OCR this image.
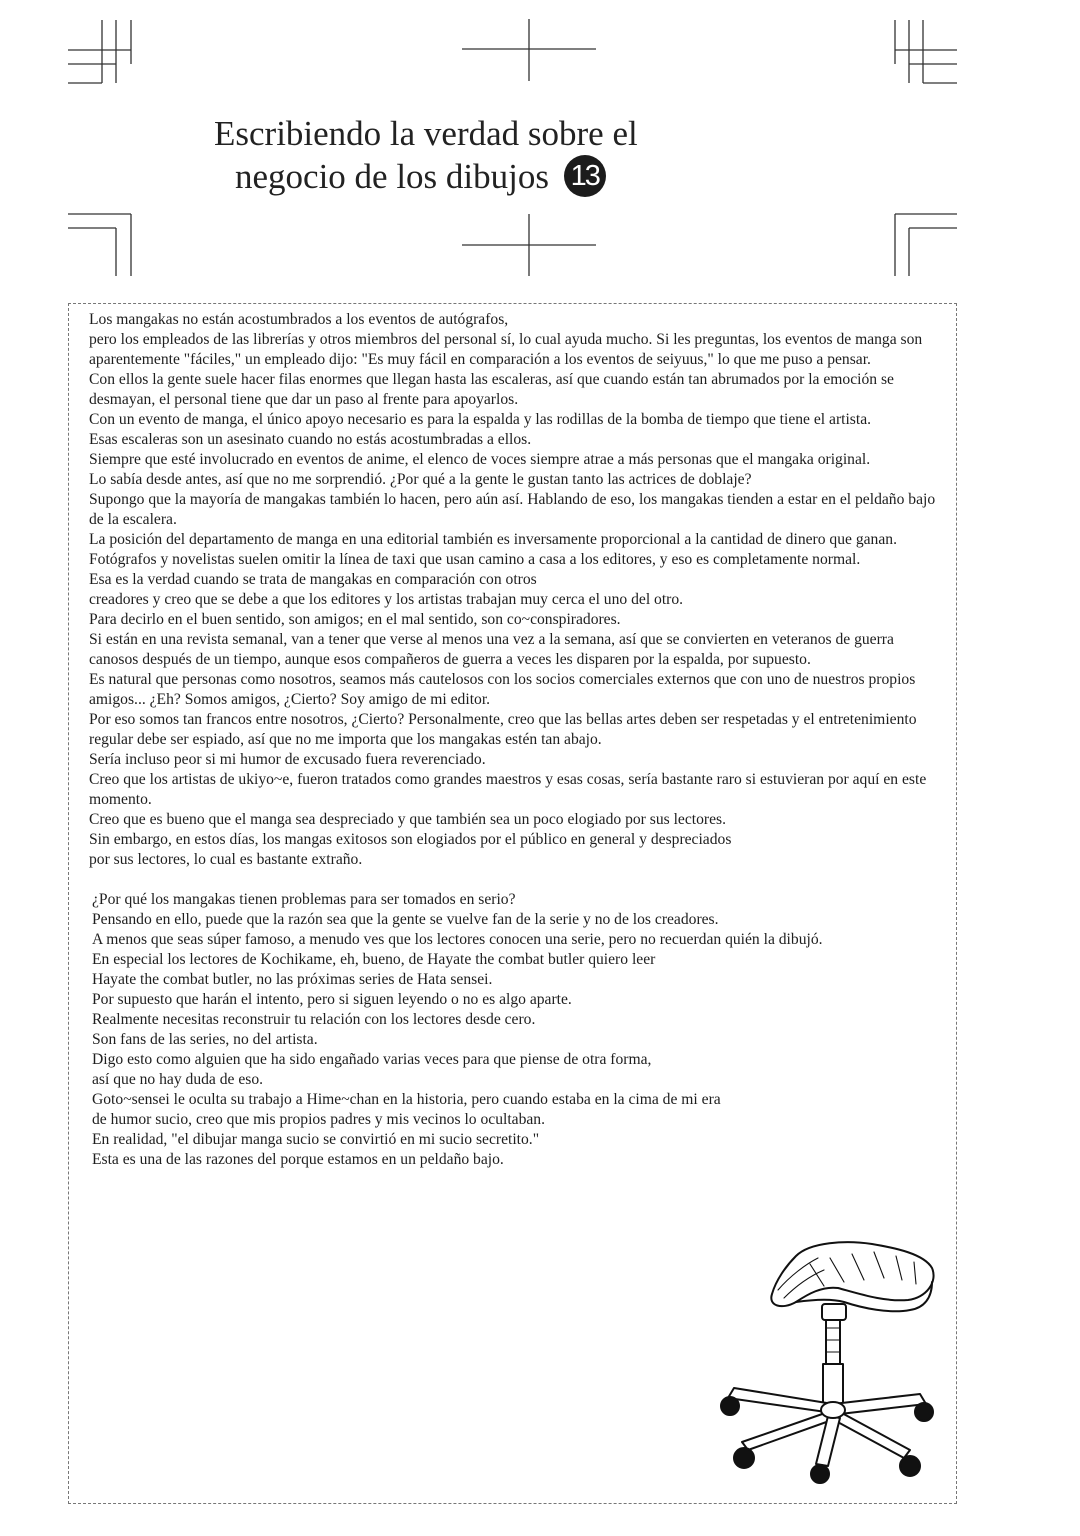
Escribiendo la verdad sobre el
negocio de los dibujos 13

Los mangakas no están acostumbrados a los eventos de autógrafos,

pero los empleados de las librerías y otros miembros del personal sí, lo cual ayuda mucho. Si les preguntas, los eventos de manga son aparentemente "fáciles," un empleado dijo: "Es muy fácil en comparación a los eventos de seiyuus," lo que me puso a pensar.

Con ellos la gente suele hacer filas enormes que llegan hasta las escaleras, así que cuando están tan abrumados por la emoción se desmayan, el personal tiene que dar un paso al frente para apoyarlos.

Con un evento de manga, el único apoyo necesario es para la espalda y las rodillas de la bomba de tiempo que tiene el artista.

Esas escaleras son un asesinato cuando no estás acostumbradas a ellos.

Siempre que esté involucrado en eventos de anime, el elenco de voces siempre atrae a más personas que el mangaka original.

Lo sabía desde antes, así que no me sorprendió. ¿Por qué a la gente le gustan tanto las actrices de doblaje?

Supongo que la mayoría de mangakas también lo hacen, pero aún así. Hablando de eso, los mangakas tienden a estar en el peldaño bajo de la escalera.

La posición del departamento de manga en una editorial también es inversamente proporcional a la cantidad de dinero que ganan.

Fotógrafos y novelistas suelen omitir la línea de taxi que usan camino a casa a los editores, y eso es completamente normal.

Esa es la verdad cuando se trata de mangakas en comparación con otros

creadores y creo que se debe a que los editores y los artistas trabajan muy cerca el uno del otro.

Para decirlo en el buen sentido, son amigos; en el mal sentido, son co~conspiradores.

Si están en una revista semanal, van a tener que verse al menos una vez a la semana, así que se convierten en veteranos de guerra canosos después de un tiempo, aunque esos compañeros de guerra a veces les disparen por la espalda, por supuesto.

Es natural que personas como nosotros, seamos más cautelosos con los socios comerciales externos que con uno de nuestros propios amigos... ¿Eh? Somos amigos, ¿Cierto? Soy amigo de mi editor.

Por eso somos tan francos entre nosotros, ¿Cierto? Personalmente, creo que las bellas artes deben ser respetadas y el entretenimiento regular debe ser espiado, así que no me importa que los mangakas estén tan abajo.

Sería incluso peor si mi humor de excusado fuera reverenciado.

Creo que los artistas de ukiyo~e, fueron tratados como grandes maestros y esas cosas, sería bastante raro si estuvieran por aquí en este momento.

Creo que es bueno que el manga sea despreciado y que también sea un poco elogiado por sus lectores.

Sin embargo, en estos días, los mangas exitosos son elogiados por el público en general y despreciados

por sus lectores, lo cual es bastante extraño.

¿Por qué los mangakas tienen problemas para ser tomados en serio?

Pensando en ello, puede que la razón sea que la gente se vuelve fan de la serie y no de los creadores.

A menos que seas súper famoso, a menudo ves que los lectores conocen una serie, pero no recuerdan quién la dibujó.

En especial los lectores de Kochikame, eh, bueno, de Hayate the combat butler quiero leer

Hayate the combat butler, no las próximas series de Hata sensei.

Por supuesto que harán el intento, pero si siguen leyendo o no es algo aparte.

Realmente necesitas reconstruir tu relación con los lectores desde cero.

Son fans de las series, no del artista.

Digo esto como alguien que ha sido engañado varias veces para que piense de otra forma,

así que no hay duda de eso.

Goto~sensei le oculta su trabajo a Hime~chan en la historia, pero cuando estaba en la cima de mi era de humor sucio, creo que mis propios padres y mis vecinos lo ocultaban.

En realidad, "el dibujar manga sucio se convirtió en mi sucio secretito."

Esta es una de las razones del porque estamos en un peldaño bajo.
